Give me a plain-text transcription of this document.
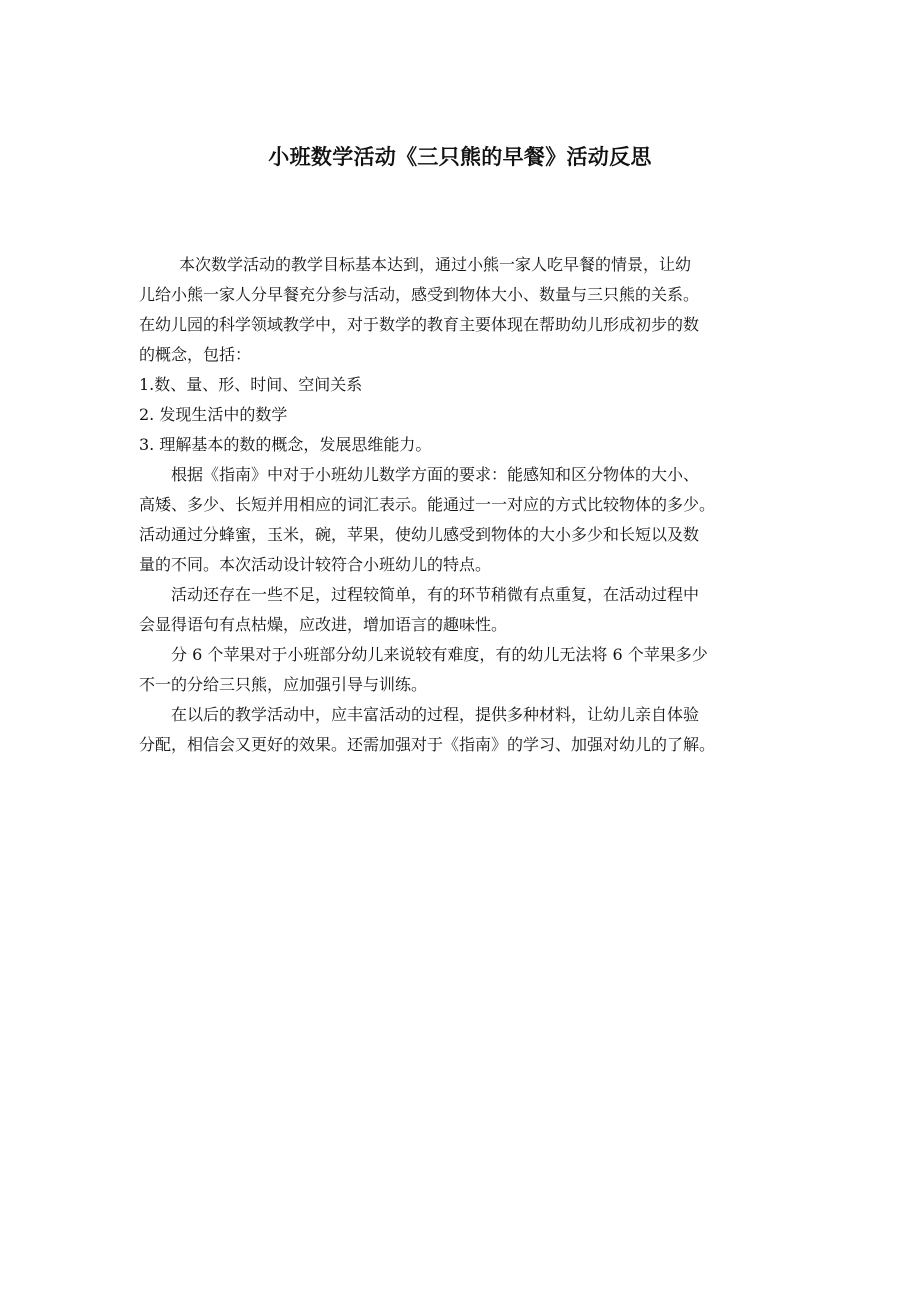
小班数学活动《三只熊的早餐》活动反思
本次数学活动的教学目标基本达到，通过小熊一家人吃早餐的情景，让幼
儿给小熊一家人分早餐充分参与活动，感受到物体大小、数量与三只熊的关系。
在幼儿园的科学领域教学中，对于数学的教育主要体现在帮助幼儿形成初步的数
的概念，包括：
1.数、量、形、时间、空间关系
2. 发现生活中的数学
3. 理解基本的数的概念，发展思维能力。
根据《指南》中对于小班幼儿数学方面的要求：能感知和区分物体的大小、
高矮、多少、长短并用相应的词汇表示。能通过一一对应的方式比较物体的多少。
活动通过分蜂蜜，玉米，碗，苹果，使幼儿感受到物体的大小多少和长短以及数
量的不同。本次活动设计较符合小班幼儿的特点。
活动还存在一些不足，过程较简单，有的环节稍微有点重复，在活动过程中
会显得语句有点枯燥，应改进，增加语言的趣味性。
分 6 个苹果对于小班部分幼儿来说较有难度，有的幼儿无法将 6 个苹果多少
不一的分给三只熊，应加强引导与训练。
在以后的教学活动中，应丰富活动的过程，提供多种材料，让幼儿亲自体验
分配，相信会又更好的效果。还需加强对于《指南》的学习、加强对幼儿的了解。
